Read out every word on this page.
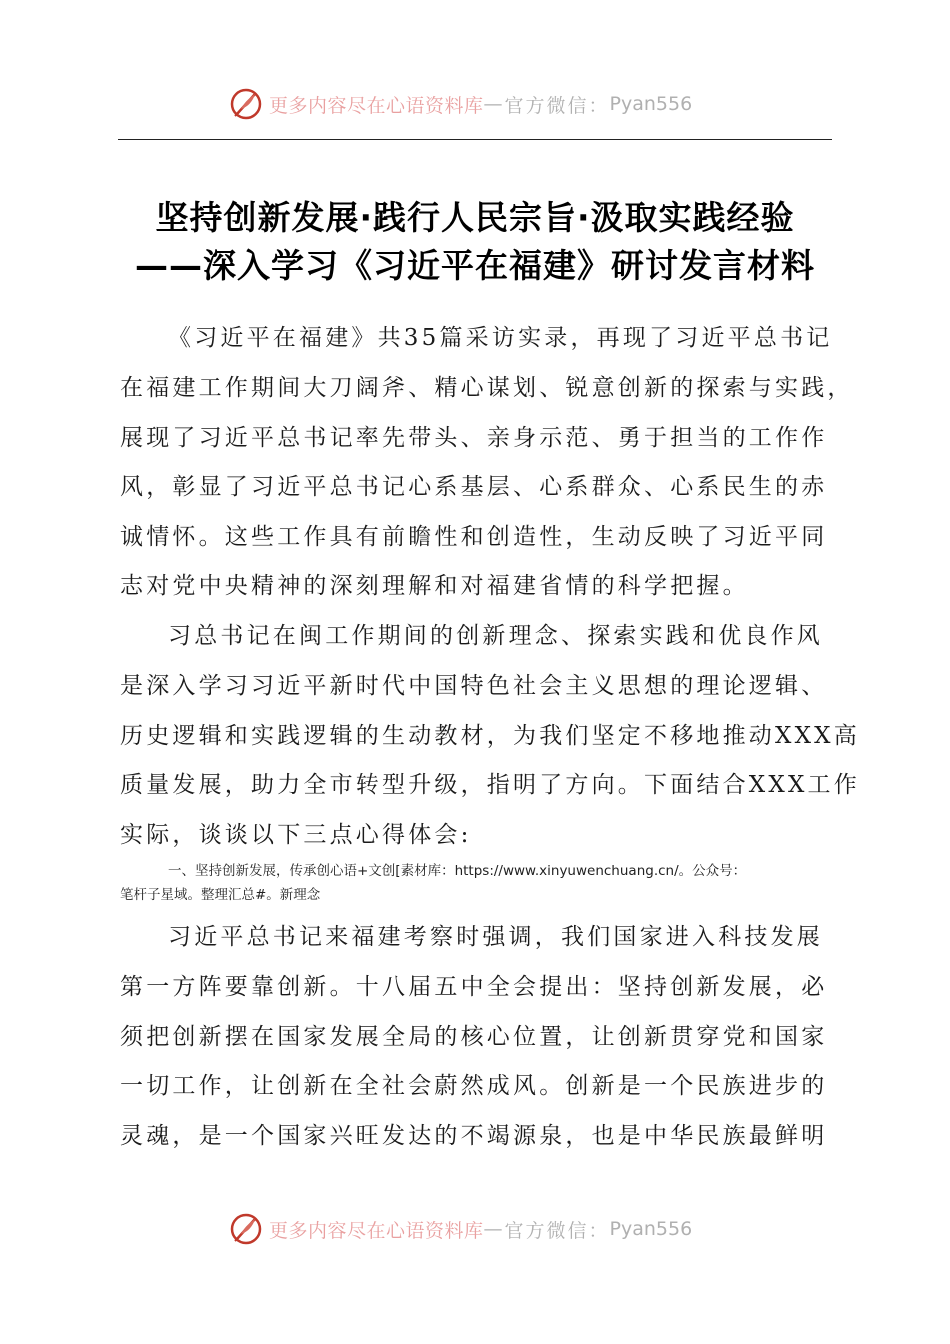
更多内容尽在心语资料库 — 官方微信： Pyan556
坚持创新发展·践行人民宗旨·汲取实践经验
——深入学习《习近平在福建》研讨发言材料
《习近平在福建》共35篇采访实录，再现了习近平总书记
在福建工作期间大刀阔斧、精心谋划、锐意创新的探索与实践，
展现了习近平总书记率先带头、亲身示范、勇于担当的工作作
风，彰显了习近平总书记心系基层、心系群众、心系民生的赤
诚情怀。这些工作具有前瞻性和创造性，生动反映了习近平同
志对党中央精神的深刻理解和对福建省情的科学把握。
习总书记在闽工作期间的创新理念、探索实践和优良作风
是深入学习习近平新时代中国特色社会主义思想的理论逻辑、
历史逻辑和实践逻辑的生动教材，为我们坚定不移地推动XXX高
质量发展，助力全市转型升级，指明了方向。下面结合XXX工作
实际，谈谈以下三点心得体会:
一、坚持创新发展，传承创心语+文创[素材库：https://www.xinyuwenchuang.cn/。公众号：
笔杆子星域。整理汇总#。新理念
习近平总书记来福建考察时强调，我们国家进入科技发展
第一方阵要靠创新。十八届五中全会提出：坚持创新发展，必
须把创新摆在国家发展全局的核心位置，让创新贯穿党和国家
一切工作，让创新在全社会蔚然成风。创新是一个民族进步的
灵魂，是一个国家兴旺发达的不竭源泉，也是中华民族最鲜明
更多内容尽在心语资料库 — 官方微信： Pyan556
